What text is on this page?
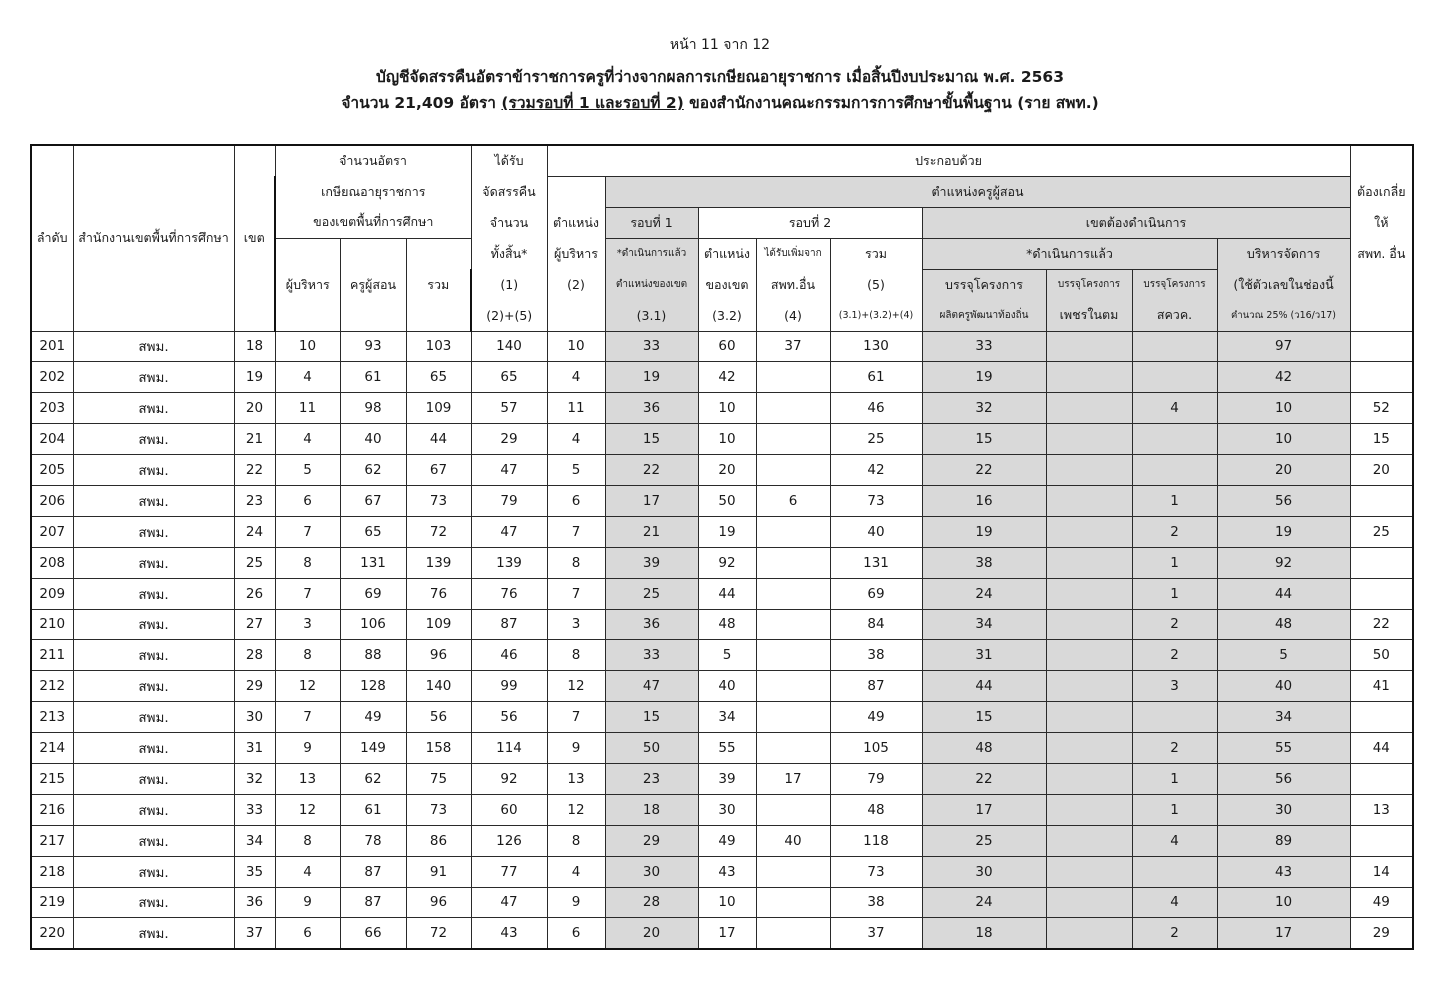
หน้า 11 จาก 12
บัญชีจัดสรรคืนอัตราข้าราชการครูที่ว่างจากผลการเกษียณอายุราชการ เมื่อสิ้นปีงบประมาณ พ.ศ. 2563
จำนวน 21,409 อัตรา (รวมรอบที่ 1 และรอบที่ 2) ของสำนักงานคณะกรรมการการศึกษาขั้นพื้นฐาน (ราย สพท.)
ลำดับ	สำนักงานเขตพื้นที่การศึกษา	เขต	จำนวนอัตรา			ได้รับ	ประกอบด้วย									
			เกษียณอายุราชการ			จัดสรรคืน		ตำแหน่งครูผู้สอน								ต้องเกลี่ย
			ของเขตพื้นที่การศึกษา			จำนวน	ตำแหน่ง	รอบที่ 1	รอบที่ 2			เขตต้องดำเนินการ				ให้
			ผู้บริหาร	ครูผู้สอน	รวม	ทั้งสิ้น*	ผู้บริหาร	*ดำเนินการแล้ว	ตำแหน่ง	ได้รับเพิ่มจาก	รวม	*ดำเนินการแล้ว			บริหารจัดการ	สพท. อื่น
						(1)	(2)	ตำแหน่งของเขต	ของเขต	สพท.อื่น	(5)	บรรจุโครงการ	บรรจุโครงการ	บรรจุโครงการ	(ใช้ตัวเลขในช่องนี้	
						(2)+(5)		(3.1)	(3.2)	(4)	(3.1)+(3.2)+(4)	ผลิตครูพัฒนาท้องถิ่น	เพชรในตม	สควค.	คำนวณ 25% (ว16/ว17)	
201	สพม.	18	10	93	103	140	10	33	60	37	130	33			97	
202	สพม.	19	4	61	65	65	4	19	42		61	19			42	
203	สพม.	20	11	98	109	57	11	36	10		46	32		4	10	52
204	สพม.	21	4	40	44	29	4	15	10		25	15			10	15
205	สพม.	22	5	62	67	47	5	22	20		42	22			20	20
206	สพม.	23	6	67	73	79	6	17	50	6	73	16		1	56	
207	สพม.	24	7	65	72	47	7	21	19		40	19		2	19	25
208	สพม.	25	8	131	139	139	8	39	92		131	38		1	92	
209	สพม.	26	7	69	76	76	7	25	44		69	24		1	44	
210	สพม.	27	3	106	109	87	3	36	48		84	34		2	48	22
211	สพม.	28	8	88	96	46	8	33	5		38	31		2	5	50
212	สพม.	29	12	128	140	99	12	47	40		87	44		3	40	41
213	สพม.	30	7	49	56	56	7	15	34		49	15			34	
214	สพม.	31	9	149	158	114	9	50	55		105	48		2	55	44
215	สพม.	32	13	62	75	92	13	23	39	17	79	22		1	56	
216	สพม.	33	12	61	73	60	12	18	30		48	17		1	30	13
217	สพม.	34	8	78	86	126	8	29	49	40	118	25		4	89	
218	สพม.	35	4	87	91	77	4	30	43		73	30			43	14
219	สพม.	36	9	87	96	47	9	28	10		38	24		4	10	49
220	สพม.	37	6	66	72	43	6	20	17		37	18		2	17	29
